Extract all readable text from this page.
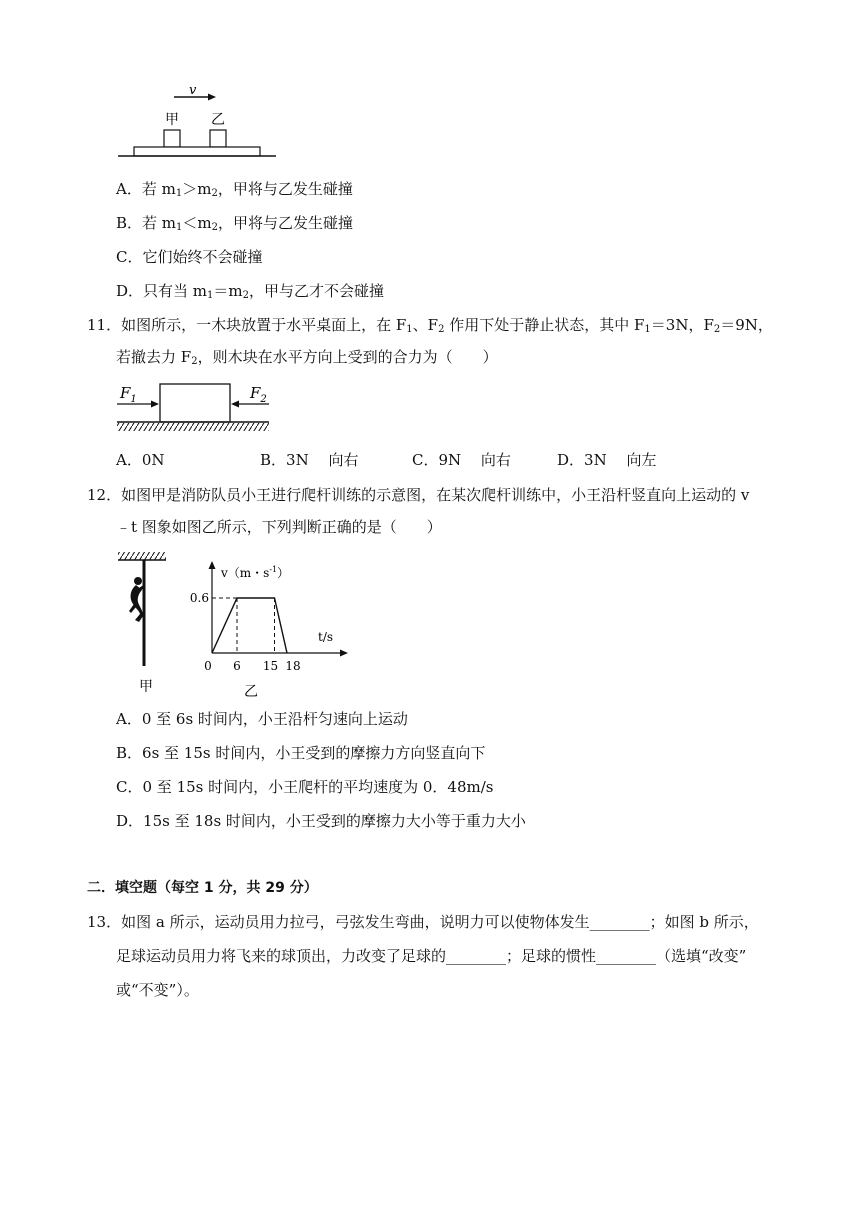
v
甲 乙
A．若 $m_1>m_2$，甲将与乙发生碰撞
B．若 $m_1<m_2$，甲将与乙发生碰撞
C．它们始终不会碰撞
D．只有当 $m_1=m_2$，甲与乙才不会碰撞
11．如图所示，一木块放置于水平桌面上，在 $F_1$、$F_2$ 作用下处于静止状态，其中 $F_1=3N$，$F_2=9N$，
若撤去力 $F_2$，则木块在水平方向上受到的合力为（　　）
$F_1$	$F_2$
A．0N	B．3N　 向右	C．9N　 向右	D．3N　 向左
12．如图甲是消防队员小王进行爬杆训练的示意图，在某次爬杆训练中，小王沿杆竖直向上运动的 v
﹣t 图象如图乙所示，下列判断正确的是（　　）
甲
v（m・$s^{-1}$）
t/s
6 15 18
0
0.6
乙
A．0 至 6s 时间内，小王沿杆匀速向上运动
B．6s 至 15s 时间内，小王受到的摩擦力方向竖直向下
C．0 至 15s 时间内，小王爬杆的平均速度为 0．48m/s
D．15s 至 18s 时间内，小王受到的摩擦力大小等于重力大小
二．填空题（每空 1 分，共 29 分）
13．如图 a 所示，运动员用力拉弓，弓弦发生弯曲，说明力可以使物体发生________；如图 b 所示，
足球运动员用力将飞来的球顶出，力改变了足球的________；足球的惯性________（选填“改变”
或“不变”）。
